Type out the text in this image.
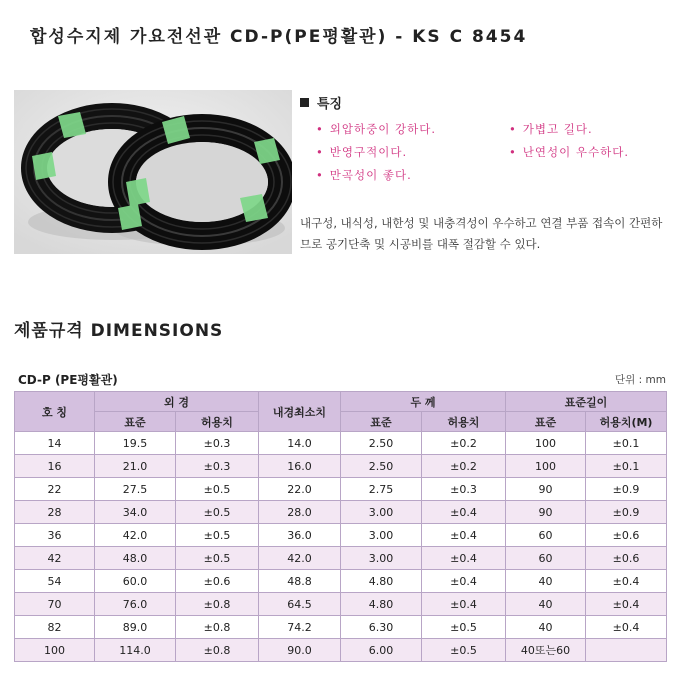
합성수지제 가요전선관 CD-P(PE평활관) - KS C 8454
특징
• 외압하중이 강하다.	• 가볍고 길다.
• 반영구적이다.	• 난연성이 우수하다.
• 만곡성이 좋다.
내구성, 내식성, 내한성 및 내충격성이 우수하고 연결 부품 접속이 간편하므로 공기단축 및 시공비를 대폭 절감할 수 있다.
제품규격 DIMENSIONS
CD-P (PE평활관)	단위 : mm
호 칭	외 경		내경최소치	두 께		표준길이	
	표준	허용치		표준	허용치	표준	허용치(M)
14	19.5	±0.3	14.0	2.50	±0.2	100	±0.1
16	21.0	±0.3	16.0	2.50	±0.2	100	±0.1
22	27.5	±0.5	22.0	2.75	±0.3	90	±0.9
28	34.0	±0.5	28.0	3.00	±0.4	90	±0.9
36	42.0	±0.5	36.0	3.00	±0.4	60	±0.6
42	48.0	±0.5	42.0	3.00	±0.4	60	±0.6
54	60.0	±0.6	48.8	4.80	±0.4	40	±0.4
70	76.0	±0.8	64.5	4.80	±0.4	40	±0.4
82	89.0	±0.8	74.2	6.30	±0.5	40	±0.4
100	114.0	±0.8	90.0	6.00	±0.5	40또는60	
